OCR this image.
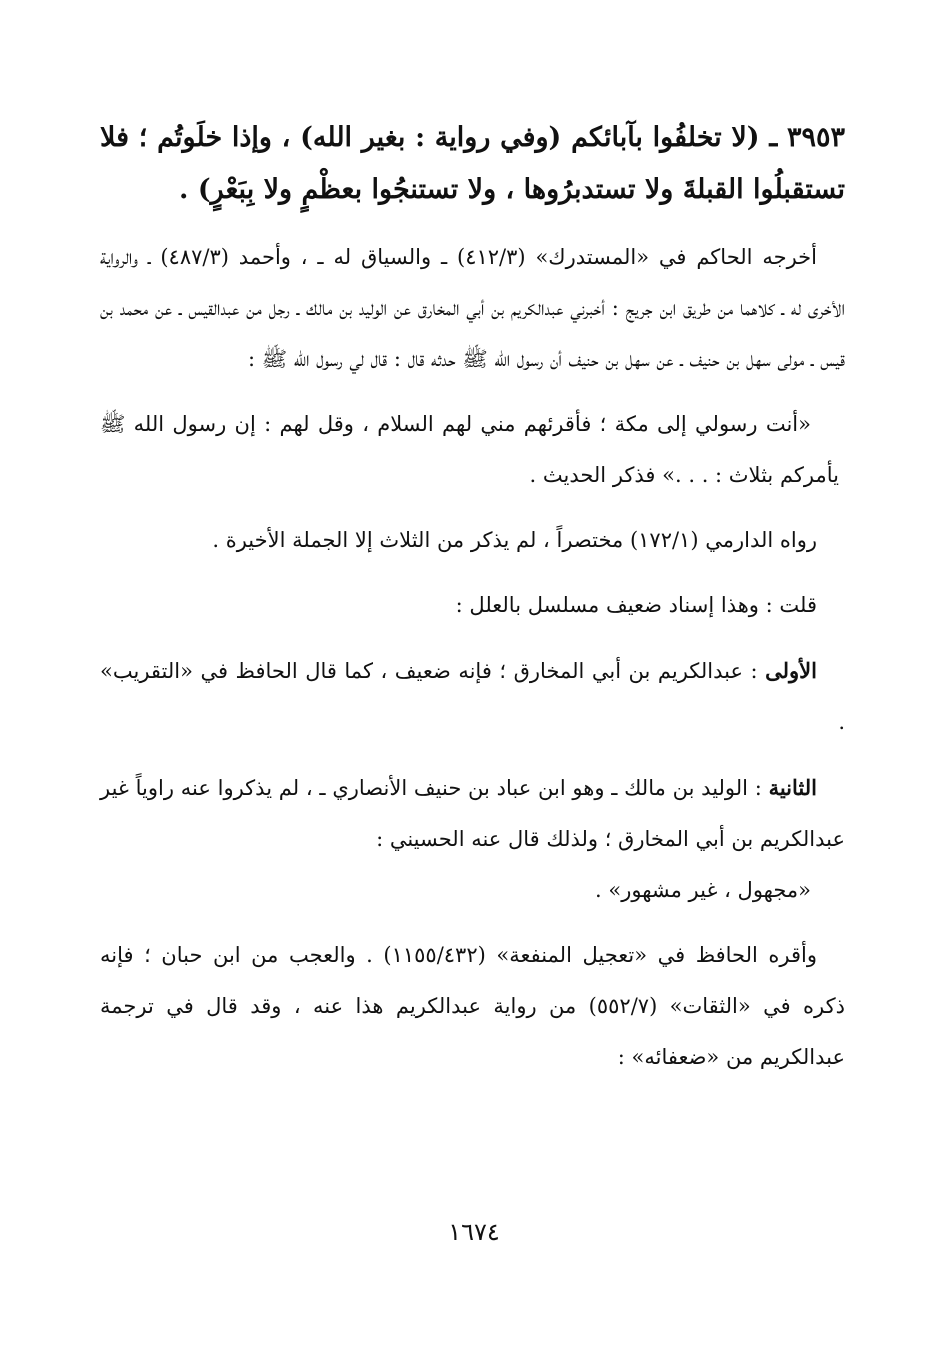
٣٩٥٣ ـ (لا تخلفُوا بآبائكم (وفي رواية : بغير الله) ، وإذا خلَوتُم ؛ فلا تستقبلُوا القبلةَ ولا تستدبرُوها ، ولا تستنجُوا بعظْمٍ ولا بِبَعْرٍ) .

أخرجه الحاكم في «المستدرك» (٤١٢/٣) ـ والسياق له ـ ، وأحمد (٤٨٧/٣) ـ والرواية الأخرى له ـ كلاهما من طريق ابن جريج : أخبرني عبدالكريم بن أبي المخارق عن الوليد بن مالك ـ رجل من عبدالقيس ـ عن محمد بن قيس ـ مولى سهل بن حنيف ـ عن سهل بن حنيف أن رسول الله ﷺ حدثه قال : قال لي رسول الله ﷺ :

«أنت رسولي إلى مكة ؛ فأقرئهم مني لهم السلام ، وقل لهم : إن رسول الله ﷺ يأمركم بثلاث : . . .» فذكر الحديث .

رواه الدارمي (١٧٢/١) مختصراً ، لم يذكر من الثلاث إلا الجملة الأخيرة .

قلت : وهذا إسناد ضعيف مسلسل بالعلل :

الأولى : عبدالكريم بن أبي المخارق ؛ فإنه ضعيف ، كما قال الحافظ في «التقريب» .

الثانية : الوليد بن مالك ـ وهو ابن عباد بن حنيف الأنصاري ـ ، لم يذكروا عنه راوياً غير عبدالكريم بن أبي المخارق ؛ ولذلك قال عنه الحسيني :

«مجهول ، غير مشهور» .

وأقره الحافظ في «تعجيل المنفعة» (١١٥٥/٤٣٢) . والعجب من ابن حبان ؛ فإنه ذكره في «الثقات» (٥٥٢/٧) من رواية عبدالكريم هذا عنه ، وقد قال في ترجمة عبدالكريم من «ضعفائه» :

١٦٧٤
